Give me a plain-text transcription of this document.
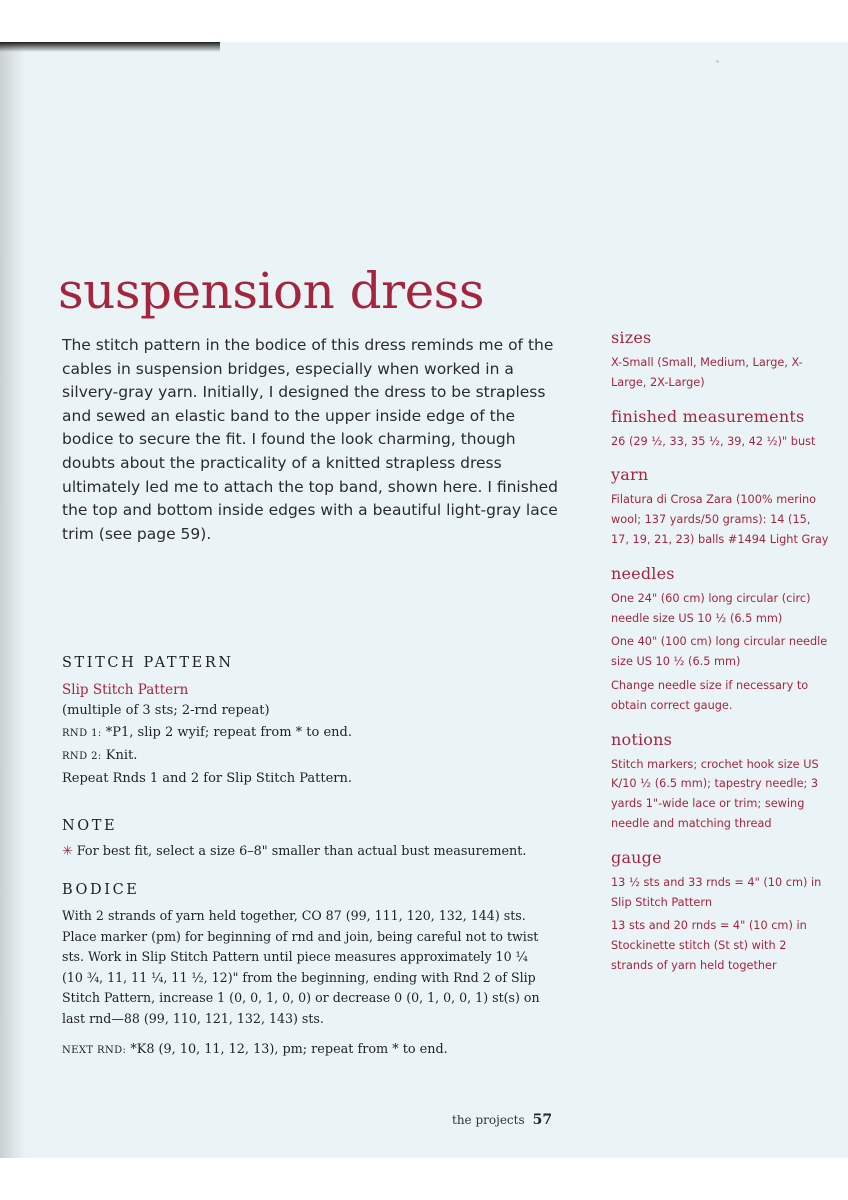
suspension dress

The stitch pattern in the bodice of this dress reminds me of the cables in suspension bridges, especially when worked in a silvery-gray yarn. Initially, I designed the dress to be strapless and sewed an elastic band to the upper inside edge of the bodice to secure the fit. I found the look charming, though doubts about the practicality of a knitted strapless dress ultimately led me to attach the top band, shown here. I finished the top and bottom inside edges with a beautiful light-gray lace trim (see page 59).

STITCH PATTERN

Slip Stitch Pattern

(multiple of 3 sts; 2-rnd repeat)

RND 1: *P1, slip 2 wyif; repeat from * to end.

RND 2: Knit.

Repeat Rnds 1 and 2 for Slip Stitch Pattern.

NOTE

✳ For best fit, select a size 6–8" smaller than actual bust measurement.

BODICE

With 2 strands of yarn held together, CO 87 (99, 111, 120, 132, 144) sts. Place marker (pm) for beginning of rnd and join, being careful not to twist sts. Work in Slip Stitch Pattern until piece measures approximately 10 ¼ (10 ¾, 11, 11 ¼, 11 ½, 12)" from the beginning, ending with Rnd 2 of Slip Stitch Pattern, increase 1 (0, 0, 1, 0, 0) or decrease 0 (0, 1, 0, 0, 1) st(s) on last rnd—88 (99, 110, 121, 132, 143) sts.

NEXT RND: *K8 (9, 10, 11, 12, 13), pm; repeat from * to end.

sizes

X-Small (Small, Medium, Large, X-Large, 2X-Large)

finished measurements

26 (29 ½, 33, 35 ½, 39, 42 ½)" bust

yarn

Filatura di Crosa Zara (100% merino wool; 137 yards/50 grams): 14 (15, 17, 19, 21, 23) balls #1494 Light Gray

needles

One 24" (60 cm) long circular (circ) needle size US 10 ½ (6.5 mm)

One 40" (100 cm) long circular needle size US 10 ½ (6.5 mm)

Change needle size if necessary to obtain correct gauge.

notions

Stitch markers; crochet hook size US K/10 ½ (6.5 mm); tapestry needle; 3 yards 1"-wide lace or trim; sewing needle and matching thread

gauge

13 ½ sts and 33 rnds = 4" (10 cm) in Slip Stitch Pattern

13 sts and 20 rnds = 4" (10 cm) in Stockinette stitch (St st) with 2 strands of yarn held together

the projects 57
